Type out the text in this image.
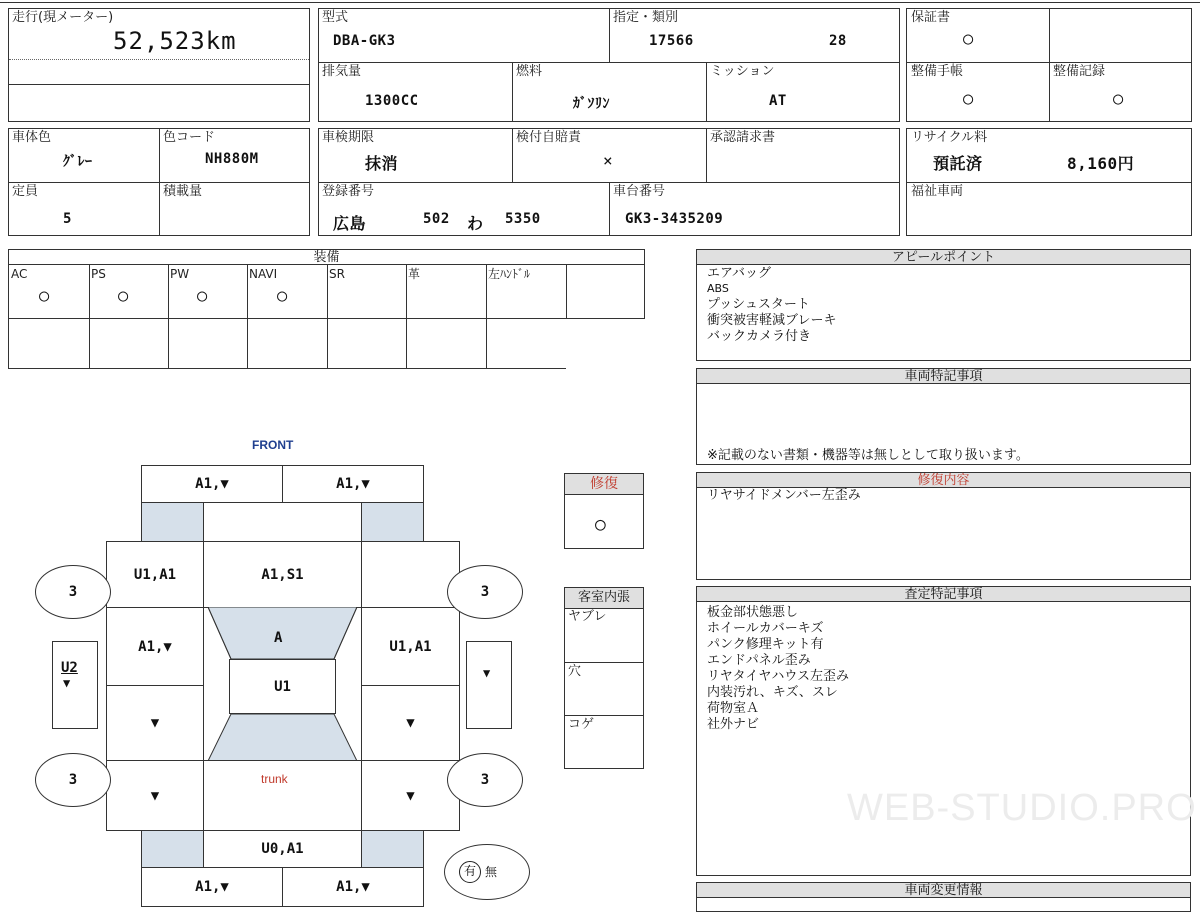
走行(現メーター)
52,523km
型式
DBA-GK3
指定・類別
17566	28
排気量
1300CC
燃料
ｶﾞｿﾘﾝ
ミッション
AT
保証書
○
整備手帳
○
整備記録
○
車体色
ｸﾞﾚｰ
色コード
NH880M
定員
5
積載量
車検期限
抹消
検付自賠責
×
承認請求書
登録番号
広島	502 わ 5350
車台番号
GK3-3435209
リサイクル料
預託済	8,160円
福祉車両
装備
AC	PS	PW	NAVI	SR	革	左ﾊﾝﾄﾞﾙ
○	○	○	○
アピールポイント
エアバッグ
ABS
プッシュスタート
衝突被害軽減ブレーキ
バックカメラ付き
車両特記事項
※記載のない書類・機器等は無しとして取り扱います。
修復内容
リヤサイドメンバー左歪み
査定特記事項
板金部状態悪し
ホイールカバーキズ
パンク修理キット有
エンドパネル歪み
リヤタイヤハウス左歪み
内装汚れ、キズ、スレ
荷物室Ａ
社外ナビ
WEB-STUDIO.PRO
車両変更情報
修復
○
客室内張
ヤブレ
穴
コゲ
FRONT
A1,▼	A1,▼
U1,A1	A1,S1
A1,▼	U1,A1
▼	▼
▼	▼
A
U1
trunk
U0,A1
A1,▼	A1,▼
U2
▼
▼
3	3
3	3
有 無
